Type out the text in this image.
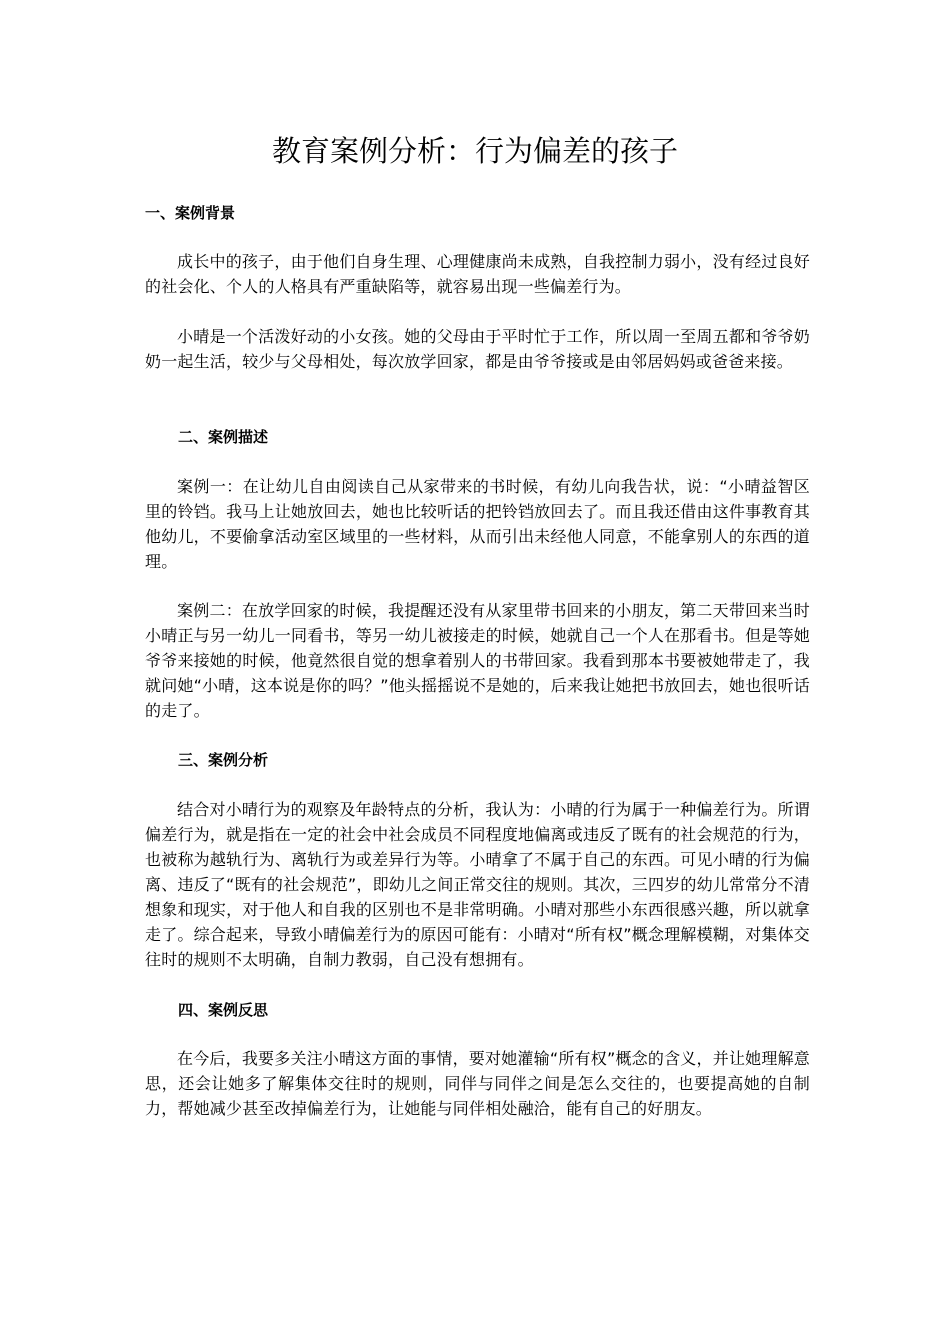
教育案例分析：行为偏差的孩子
一、案例背景

成长中的孩子，由于他们自身生理、心理健康尚未成熟，自我控制力弱小，没有经过良好的社会化、个人的人格具有严重缺陷等，就容易出现一些偏差行为。

小晴是一个活泼好动的小女孩。她的父母由于平时忙于工作，所以周一至周五都和爷爷奶奶一起生活，较少与父母相处，每次放学回家，都是由爷爷接或是由邻居妈妈或爸爸来接。

二、案例描述

案例一：在让幼儿自由阅读自己从家带来的书时候，有幼儿向我告状，说：“小晴益智区里的铃铛。我马上让她放回去，她也比较听话的把铃铛放回去了。而且我还借由这件事教育其他幼儿，不要偷拿活动室区域里的一些材料，从而引出未经他人同意，不能拿别人的东西的道理。

案例二：在放学回家的时候，我提醒还没有从家里带书回来的小朋友，第二天带回来当时小晴正与另一幼儿一同看书，等另一幼儿被接走的时候，她就自己一个人在那看书。但是等她爷爷来接她的时候，他竟然很自觉的想拿着别人的书带回家。我看到那本书要被她带走了，我就问她“小晴，这本说是你的吗？”他头摇摇说不是她的，后来我让她把书放回去，她也很听话的走了。

三、案例分析

结合对小晴行为的观察及年龄特点的分析，我认为：小晴的行为属于一种偏差行为。所谓偏差行为，就是指在一定的社会中社会成员不同程度地偏离或违反了既有的社会规范的行为，也被称为越轨行为、离轨行为或差异行为等。小晴拿了不属于自己的东西。可见小晴的行为偏离、违反了“既有的社会规范”，即幼儿之间正常交往的规则。其次，三四岁的幼儿常常分不清想象和现实，对于他人和自我的区别也不是非常明确。小晴对那些小东西很感兴趣，所以就拿走了。综合起来，导致小晴偏差行为的原因可能有：小晴对“所有权”概念理解模糊，对集体交往时的规则不太明确，自制力教弱，自己没有想拥有。

四、案例反思

在今后，我要多关注小晴这方面的事情，要对她灌输“所有权”概念的含义，并让她理解意思，还会让她多了解集体交往时的规则，同伴与同伴之间是怎么交往的，也要提高她的自制力，帮她减少甚至改掉偏差行为，让她能与同伴相处融洽，能有自己的好朋友。
